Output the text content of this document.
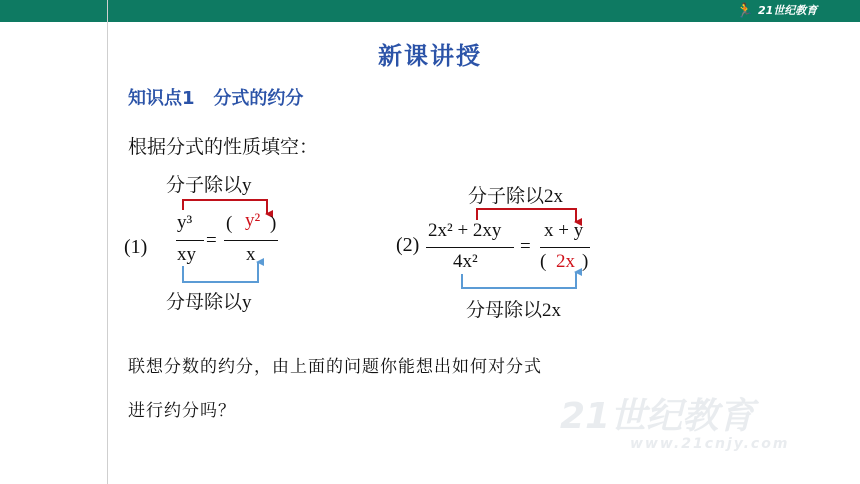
🏃 21世纪教育
新课讲授
知识点1   分式的约分
根据分式的性质填空：
分子除以y
(1)
y³
xy
=
( y² )
x
分母除以y
分子除以2x
(2)
2x² + 2xy
4x²
=
x + y
( 2x )
分母除以2x
联想分数的约分，由上面的问题你能想出如何对分式
进行约分吗？	21世纪教育
www.21cnjy.com
